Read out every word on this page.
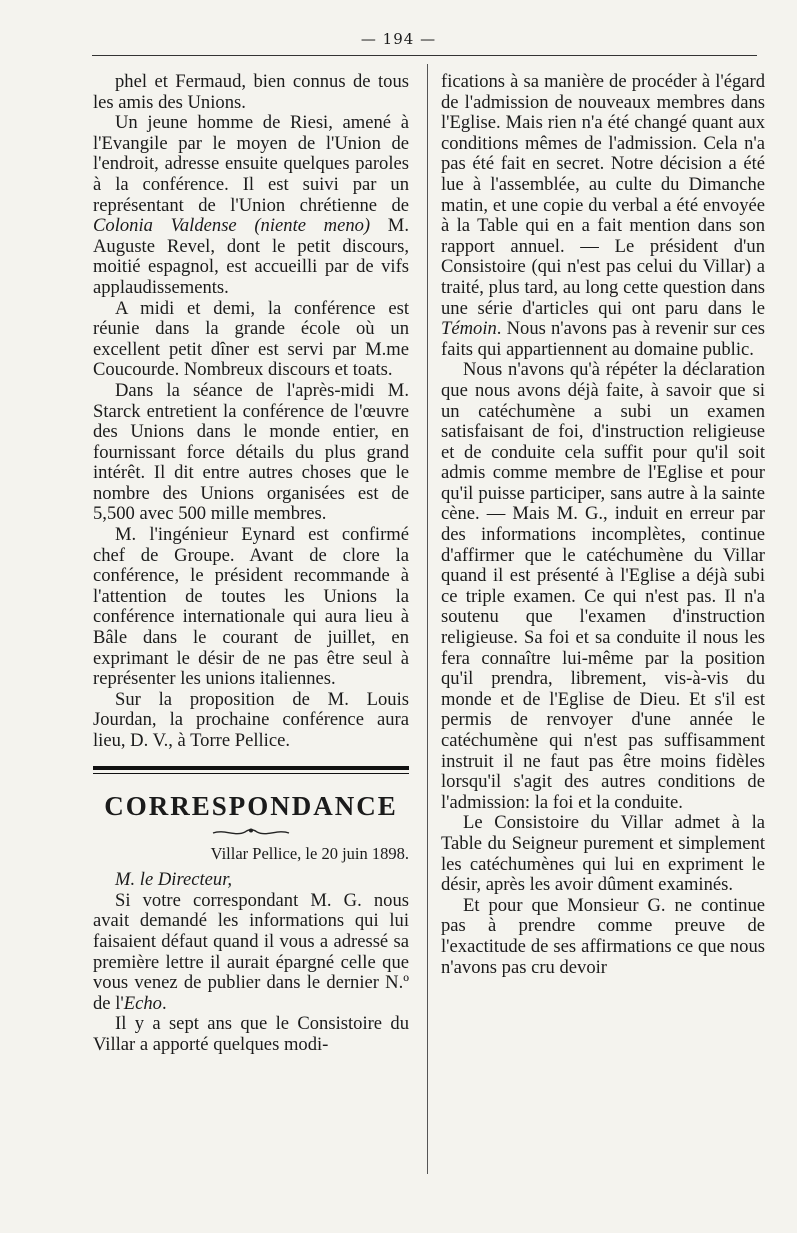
— 194 —

phel et Fermaud, bien connus de tous les amis des Unions.

Un jeune homme de Riesi, amené à l'Evangile par le moyen de l'Union de l'endroit, adresse ensuite quelques paroles à la conférence. Il est suivi par un représentant de l'Union chrétienne de Colonia Valdense (niente meno) M. Auguste Revel, dont le petit discours, moitié espagnol, est accueilli par de vifs applaudissements.

A midi et demi, la conférence est réunie dans la grande école où un excellent petit dîner est servi par M.me Coucourde. Nombreux discours et toats.

Dans la séance de l'après-midi M. Starck entretient la conférence de l'œuvre des Unions dans le monde entier, en fournissant force détails du plus grand intérêt. Il dit entre autres choses que le nombre des Unions organisées est de 5,500 avec 500 mille membres.

M. l'ingénieur Eynard est confirmé chef de Groupe. Avant de clore la conférence, le président recommande à l'attention de toutes les Unions la conférence internationale qui aura lieu à Bâle dans le courant de juillet, en exprimant le désir de ne pas être seul à représenter les unions italiennes.

Sur la proposition de M. Louis Jourdan, la prochaine conférence aura lieu, D. V., à Torre Pellice.

CORRESPONDANCE
Villar Pellice, le 20 juin 1898.

M. le Directeur,

Si votre correspondant M. G. nous avait demandé les informations qui lui faisaient défaut quand il vous a adressé sa première lettre il aurait épargné celle que vous venez de publier dans le dernier N.º de l'Echo.

Il y a sept ans que le Consistoire du Villar a apporté quelques modi-

fications à sa manière de procéder à l'égard de l'admission de nouveaux membres dans l'Eglise. Mais rien n'a été changé quant aux conditions mêmes de l'admission. Cela n'a pas été fait en secret. Notre décision a été lue à l'assemblée, au culte du Dimanche matin, et une copie du verbal a été envoyée à la Table qui en a fait mention dans son rapport annuel. — Le président d'un Consistoire (qui n'est pas celui du Villar) a traité, plus tard, au long cette question dans une série d'articles qui ont paru dans le Témoin. Nous n'avons pas à revenir sur ces faits qui appartiennent au domaine public.

Nous n'avons qu'à répéter la déclaration que nous avons déjà faite, à savoir que si un catéchumène a subi un examen satisfaisant de foi, d'instruction religieuse et de conduite cela suffit pour qu'il soit admis comme membre de l'Eglise et pour qu'il puisse participer, sans autre à la sainte cène. — Mais M. G., induit en erreur par des informations incomplètes, continue d'affirmer que le catéchumène du Villar quand il est présenté à l'Eglise a déjà subi ce triple examen. Ce qui n'est pas. Il n'a soutenu que l'examen d'instruction religieuse. Sa foi et sa conduite il nous les fera connaître lui-même par la position qu'il prendra, librement, vis-à-vis du monde et de l'Eglise de Dieu. Et s'il est permis de renvoyer d'une année le catéchumène qui n'est pas suffisamment instruit il ne faut pas être moins fidèles lorsqu'il s'agit des autres conditions de l'admission: la foi et la conduite.

Le Consistoire du Villar admet à la Table du Seigneur purement et simplement les catéchumènes qui lui en expriment le désir, après les avoir dûment examinés.

Et pour que Monsieur G. ne continue pas à prendre comme preuve de l'exactitude de ses affirmations ce que nous n'avons pas cru devoir
